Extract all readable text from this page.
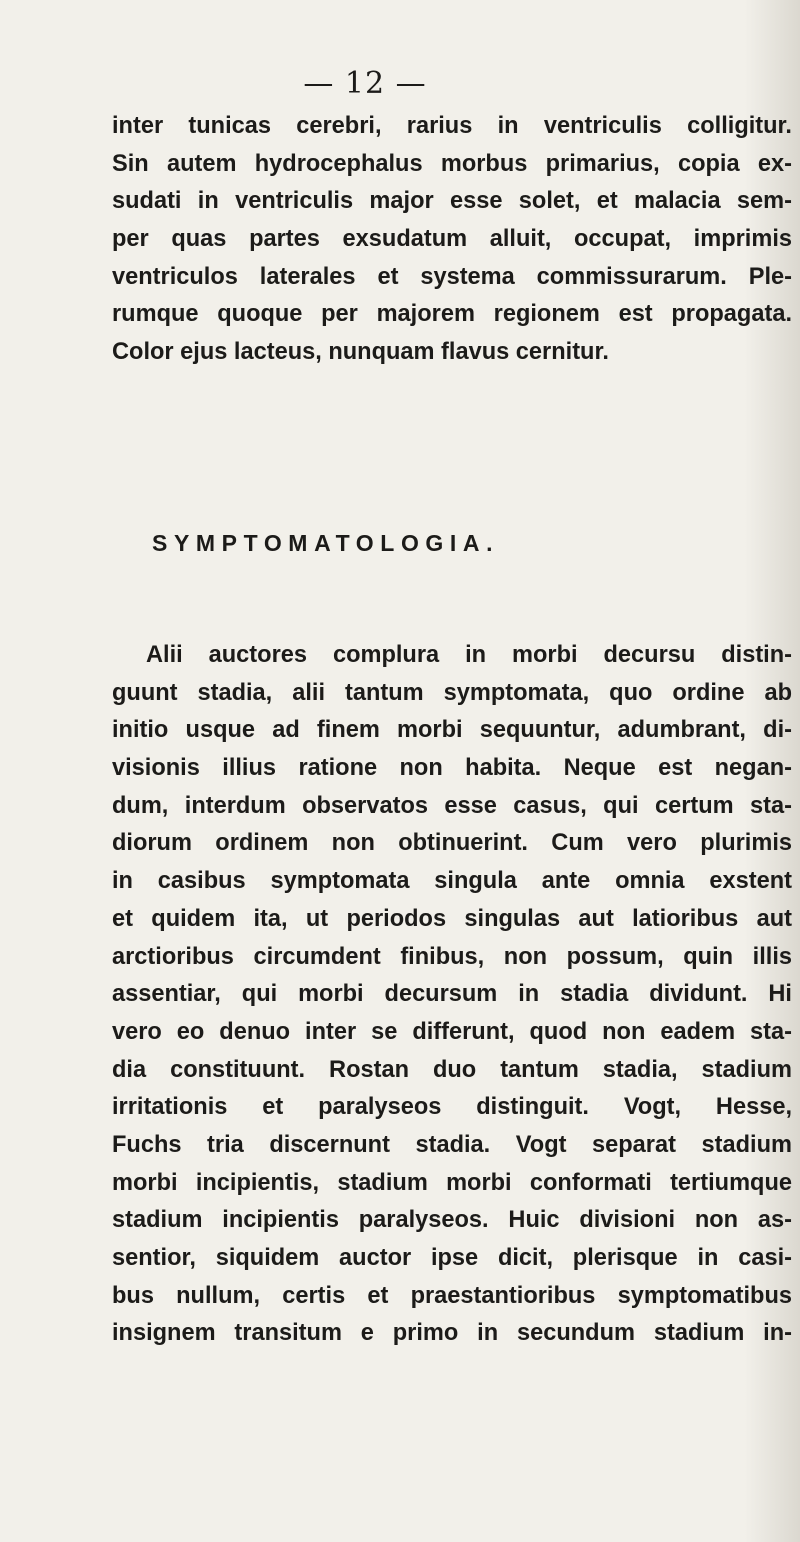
— 12 —
inter tunicas cerebri, rarius in ventriculis colligitur.
Sin autem hydrocephalus morbus primarius, copia ex-
sudati in ventriculis major esse solet, et malacia sem-
per quas partes exsudatum alluit, occupat, imprimis
ventriculos laterales et systema commissurarum. Ple-
rumque quoque per majorem regionem est propagata.
Color ejus lacteus, nunquam flavus cernitur.
SYMPTOMATOLOGIA.
Alii auctores complura in morbi decursu distin-
guunt stadia, alii tantum symptomata, quo ordine ab
initio usque ad finem morbi sequuntur, adumbrant, di-
visionis illius ratione non habita. Neque est negan-
dum, interdum observatos esse casus, qui certum sta-
diorum ordinem non obtinuerint. Cum vero plurimis
in casibus symptomata singula ante omnia exstent
et quidem ita, ut periodos singulas aut latioribus aut
arctioribus circumdent finibus, non possum, quin illis
assentiar, qui morbi decursum in stadia dividunt. Hi
vero eo denuo inter se differunt, quod non eadem sta-
dia constituunt. Rostan duo tantum stadia, stadium
irritationis et paralyseos distinguit. Vogt, Hesse,
Fuchs tria discernunt stadia. Vogt separat stadium
morbi incipientis, stadium morbi conformati tertiumque
stadium incipientis paralyseos. Huic divisioni non as-
sentior, siquidem auctor ipse dicit, plerisque in casi-
bus nullum, certis et praestantioribus symptomatibus
insignem transitum e primo in secundum stadium in-
